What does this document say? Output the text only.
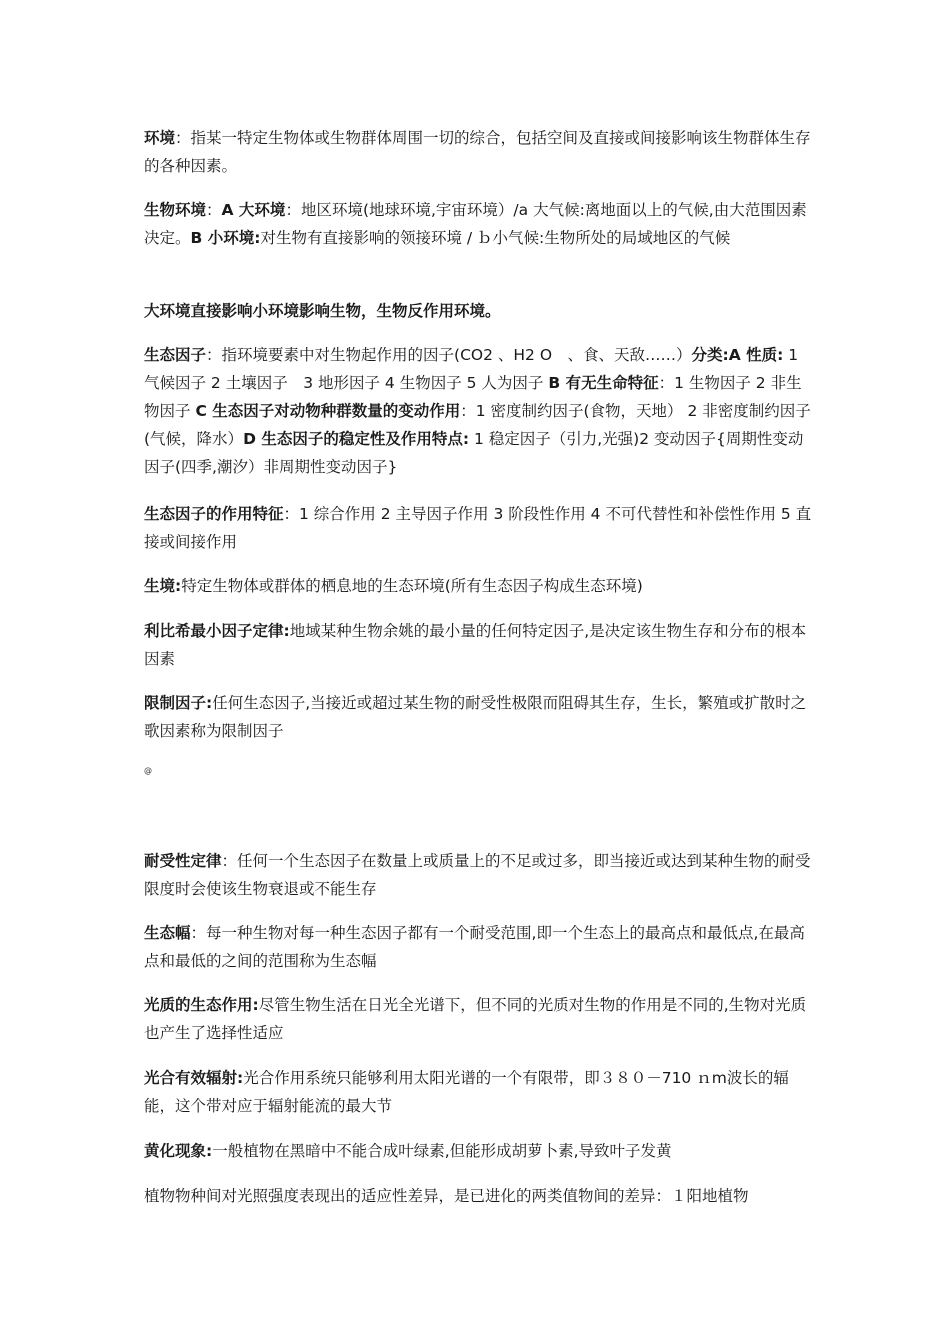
环境：指某一特定生物体或生物群体周围一切的综合，包括空间及直接或间接影响该生物群体生存的各种因素。

生物环境：A 大环境：地区环境(地球环境,宇宙环境）/a 大气候:离地面以上的气候,由大范围因素决定。B 小环境:对生物有直接影响的领接环境 / ｂ小气候:生物所处的局域地区的气候

大环境直接影响小环境影响生物，生物反作用环境。

生态因子：指环境要素中对生物起作用的因子(CO2 、H2 O　、食、天敌……）分类:A 性质: 1 气候因子 2 土壤因子　3 地形因子 4 生物因子 5 人为因子 B 有无生命特征：1 生物因子 2 非生物因子 C 生态因子对动物种群数量的变动作用：1 密度制约因子(食物，天地） 2 非密度制约因子(气候，降水）D 生态因子的稳定性及作用特点: 1 稳定因子（引力,光强)2 变动因子{周期性变动因子(四季,潮汐）非周期性变动因子}

生态因子的作用特征：1 综合作用 2 主导因子作用 3 阶段性作用 4 不可代替性和补偿性作用 5 直接或间接作用

生境:特定生物体或群体的栖息地的生态环境(所有生态因子构成生态环境)

利比希最小因子定律:地域某种生物余姚的最小量的任何特定因子,是决定该生物生存和分布的根本因素

限制因子:任何生态因子,当接近或超过某生物的耐受性极限而阻碍其生存，生长，繁殖或扩散时之歌因素称为限制因子

@

耐受性定律：任何一个生态因子在数量上或质量上的不足或过多，即当接近或达到某种生物的耐受限度时会使该生物衰退或不能生存

生态幅：每一种生物对每一种生态因子都有一个耐受范围,即一个生态上的最高点和最低点,在最高点和最低的之间的范围称为生态幅

光质的生态作用:尽管生物生活在日光全光谱下，但不同的光质对生物的作用是不同的,生物对光质也产生了选择性适应

光合有效辐射:光合作用系统只能够利用太阳光谱的一个有限带，即３８０－710 ｎm波长的辐能，这个带对应于辐射能流的最大节

黄化现象:一般植物在黑暗中不能合成叶绿素,但能形成胡萝卜素,导致叶子发黄

植物物种间对光照强度表现出的适应性差异，是已进化的两类值物间的差异：１阳地植物
